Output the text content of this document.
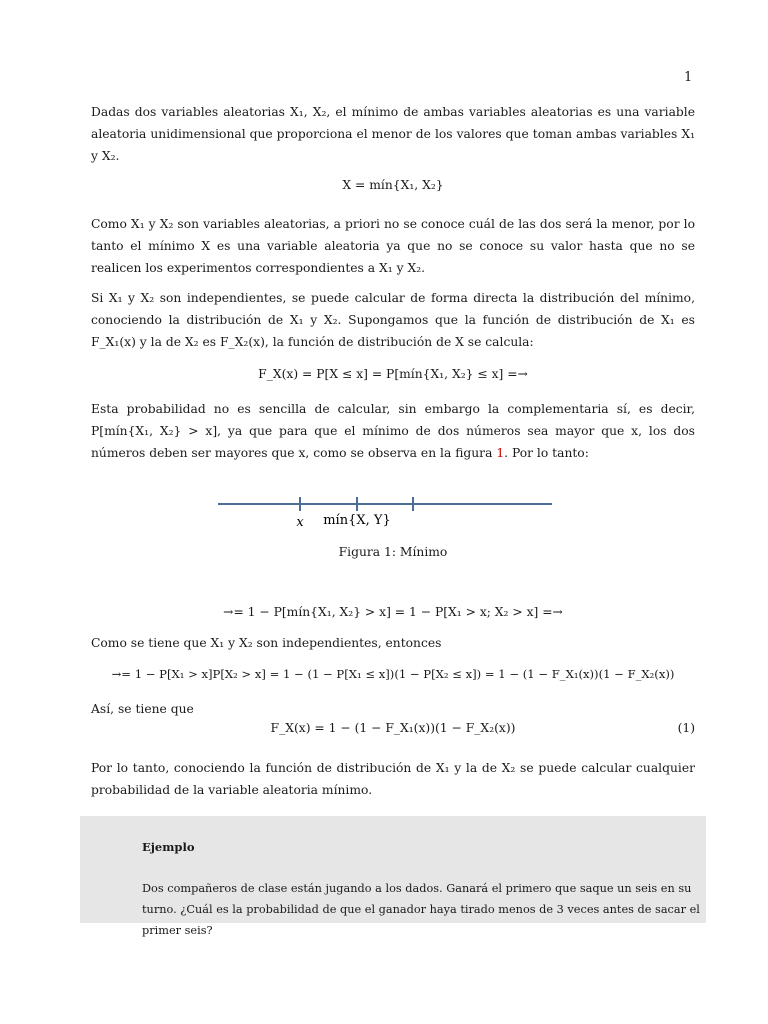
1
Dadas dos variables aleatorias X₁, X₂, el mínimo de ambas variables aleatorias es una variable aleatoria unidimensional que proporciona el menor de los valores que toman ambas variables X₁ y X₂.
X = mín{X₁, X₂}
Como X₁ y X₂ son variables aleatorias, a priori no se conoce cuál de las dos será la menor, por lo tanto el mínimo X es una variable aleatoria ya que no se conoce su valor hasta que no se realicen los experimentos correspondientes a X₁ y X₂.
Si X₁ y X₂ son independientes, se puede calcular de forma directa la distribución del mínimo, conociendo la distribución de X₁ y X₂. Supongamos que la función de distribución de X₁ es F_X₁(x) y la de X₂ es F_X₂(x), la función de distribución de X se calcula:
F_X(x) = P[X ≤ x] = P[mín{X₁, X₂} ≤ x] =→
Esta probabilidad no es sencilla de calcular, sin embargo la complementaria sí, es decir, P[mín{X₁, X₂} > x], ya que para que el mínimo de dos números sea mayor que x, los dos números deben ser mayores que x, como se observa en la figura 1. Por lo tanto:
x mín{X, Y}
Figura 1: Mínimo
→= 1 − P[mín{X₁, X₂} > x] = 1 − P[X₁ > x; X₂ > x] =→
Como se tiene que X₁ y X₂ son independientes, entonces
→= 1 − P[X₁ > x]P[X₂ > x] = 1 − (1 − P[X₁ ≤ x])(1 − P[X₂ ≤ x]) = 1 − (1 − F_X₁(x))(1 − F_X₂(x))
Así, se tiene que
F_X(x) = 1 − (1 − F_X₁(x))(1 − F_X₂(x))	(1)
Por lo tanto, conociendo la función de distribución de X₁ y la de X₂ se puede calcular cualquier probabilidad de la variable aleatoria mínimo.
Ejemplo
Dos compañeros de clase están jugando a los dados. Ganará el primero que saque un seis en su turno. ¿Cuál es la probabilidad de que el ganador haya tirado menos de 3 veces antes de sacar el primer seis?
